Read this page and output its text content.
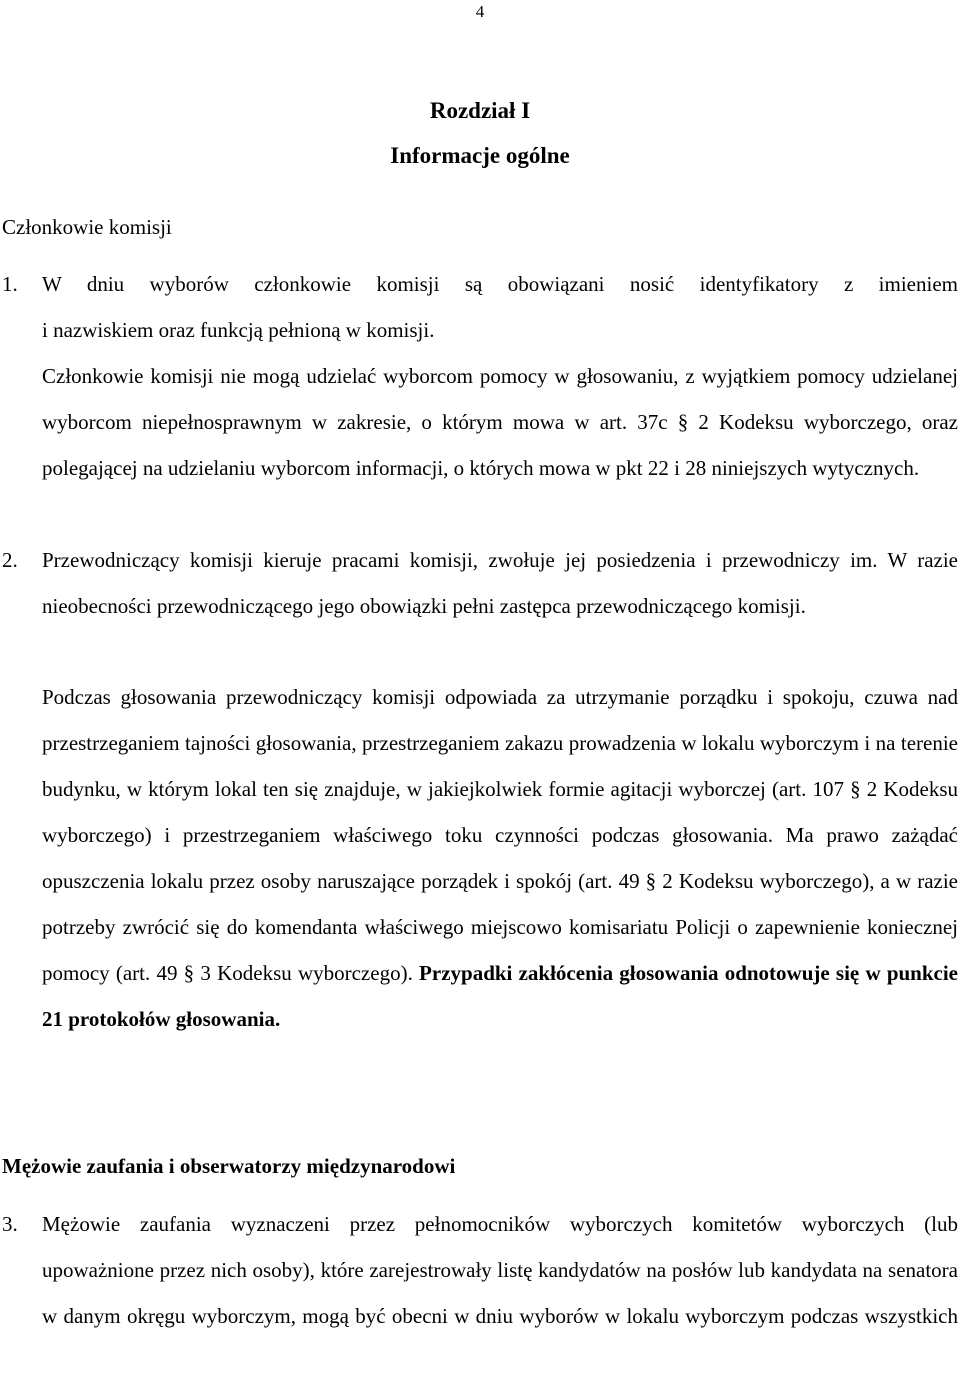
4
Rozdział I
Informacje ogólne
Członkowie komisji
1. W dniu wyborów członkowie komisji są obowiązani nosić identyfikatory z imieniem
i nazwiskiem oraz funkcją pełnioną w komisji.
Członkowie komisji nie mogą udzielać wyborcom pomocy w głosowaniu, z wyjątkiem pomocy udzielanej wyborcom niepełnosprawnym w zakresie, o którym mowa w art. 37c § 2 Kodeksu wyborczego, oraz polegającej na udzielaniu wyborcom informacji, o których mowa w pkt 22 i 28 niniejszych wytycznych.
2. Przewodniczący komisji kieruje pracami komisji, zwołuje jej posiedzenia i przewodniczy im. W razie nieobecności przewodniczącego jego obowiązki pełni zastępca przewodniczącego komisji.
Podczas głosowania przewodniczący komisji odpowiada za utrzymanie porządku i spokoju, czuwa nad przestrzeganiem tajności głosowania, przestrzeganiem zakazu prowadzenia w lokalu wyborczym i na terenie budynku, w którym lokal ten się znajduje, w jakiejkolwiek formie agitacji wyborczej (art. 107 § 2 Kodeksu wyborczego) i przestrzeganiem właściwego toku czynności podczas głosowania. Ma prawo zażądać opuszczenia lokalu przez osoby naruszające porządek i spokój (art. 49 § 2 Kodeksu wyborczego), a w razie potrzeby zwrócić się do komendanta właściwego miejscowo komisariatu Policji o zapewnienie koniecznej pomocy (art. 49 § 3 Kodeksu wyborczego). Przypadki zakłócenia głosowania odnotowuje się w punkcie 21 protokołów głosowania.
Mężowie zaufania i obserwatorzy międzynarodowi
3. Mężowie zaufania wyznaczeni przez pełnomocników wyborczych komitetów wyborczych (lub upoważnione przez nich osoby), które zarejestrowały listę kandydatów na posłów lub kandydata na senatora w danym okręgu wyborczym, mogą być obecni w dniu wyborów w lokalu wyborczym podczas wszystkich
